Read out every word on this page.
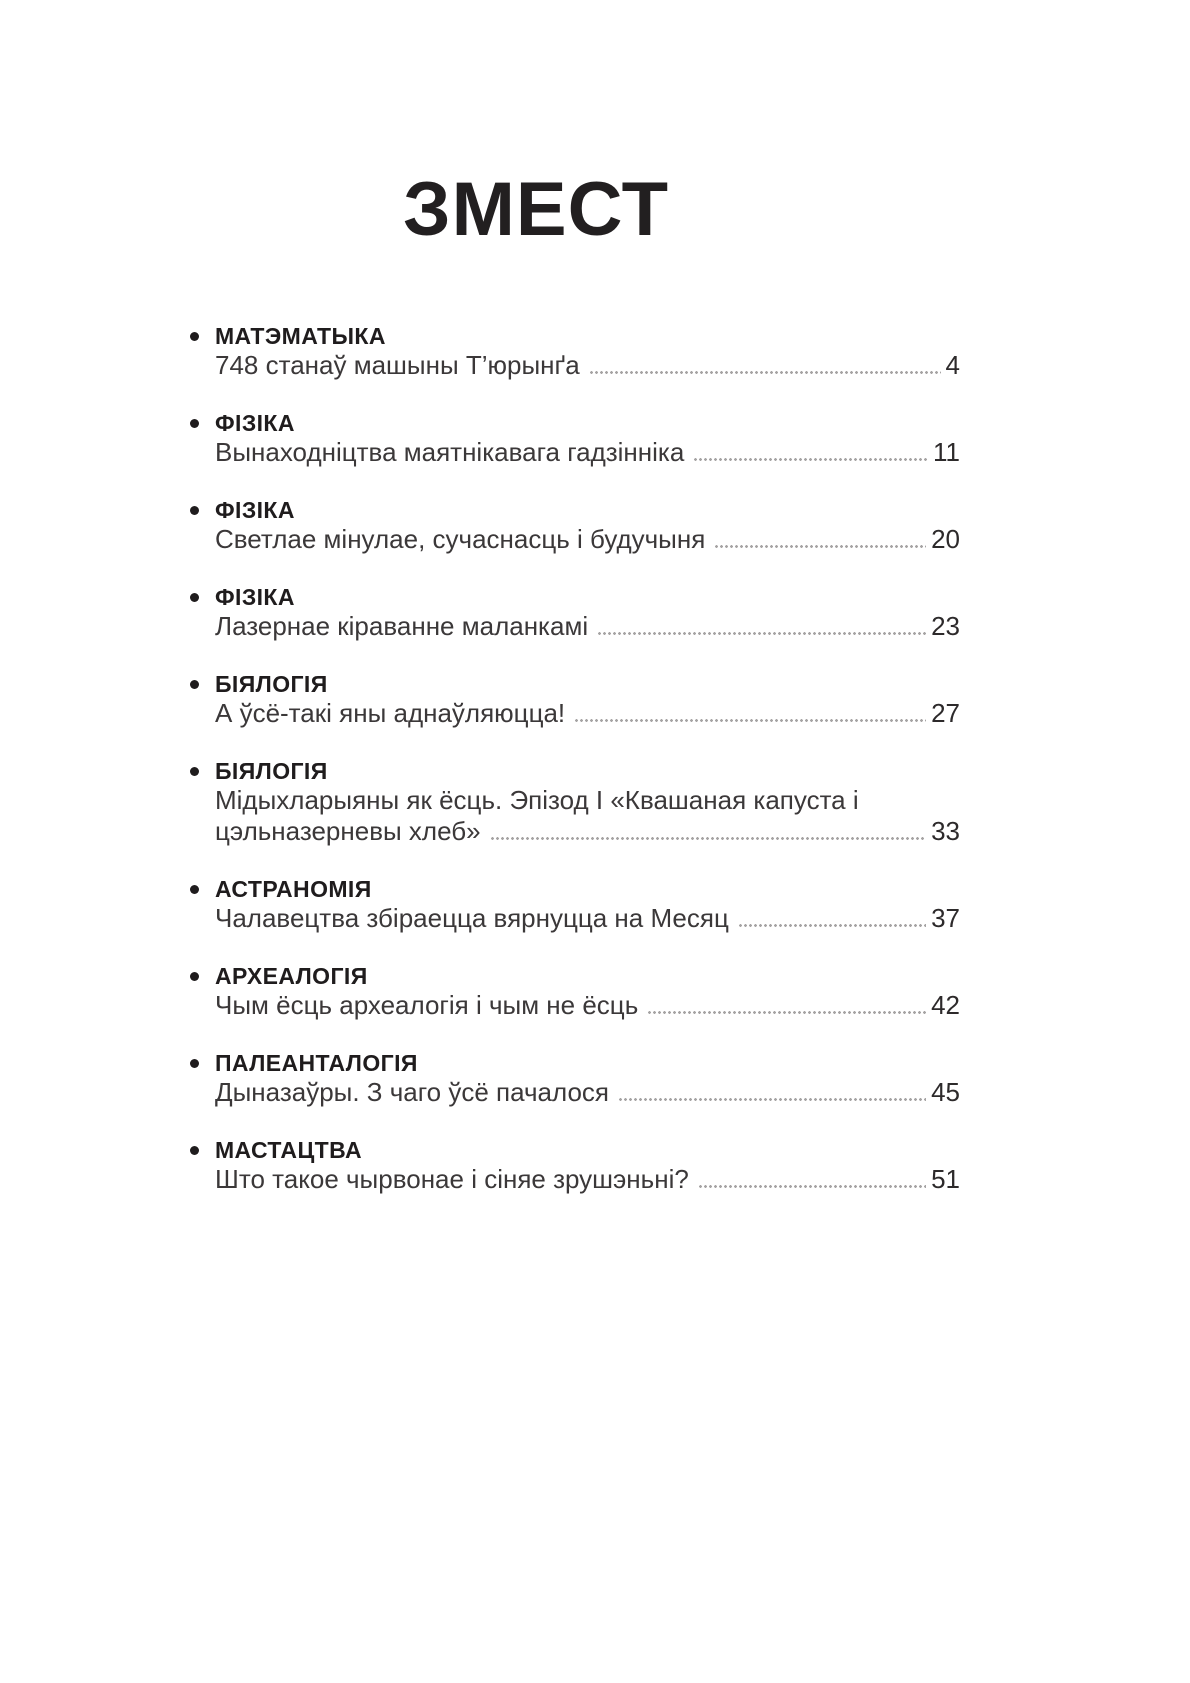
ЗМЕСТ
МАТЭМАТЫКА
748 станаў машыны Т’юрынґа	4
ФІЗІКА
Вынаходніцтва маятнікавага гадзінніка	11
ФІЗІКА
Светлае мінулае, сучаснасць і будучыня	20
ФІЗІКА
Лазернае кіраванне маланкамі	23
БІЯЛОГІЯ
А ўсё-такі яны аднаўляюцца!	27
БІЯЛОГІЯ
Мідыхларыяны як ёсць. Эпізод I «Квашаная капуста і
цэльназерневы хлеб»	33
АСТРАНОМІЯ
Чалавецтва збіраецца вярнуцца на Месяц	37
АРХЕАЛОГІЯ
Чым ёсць археалогія і чым не ёсць	42
ПАЛЕАНТАЛОГІЯ
Дыназаўры. З чаго ўсё пачалося	45
МАСТАЦТВА
Што такое чырвонае і сіняе зрушэньні?	51
